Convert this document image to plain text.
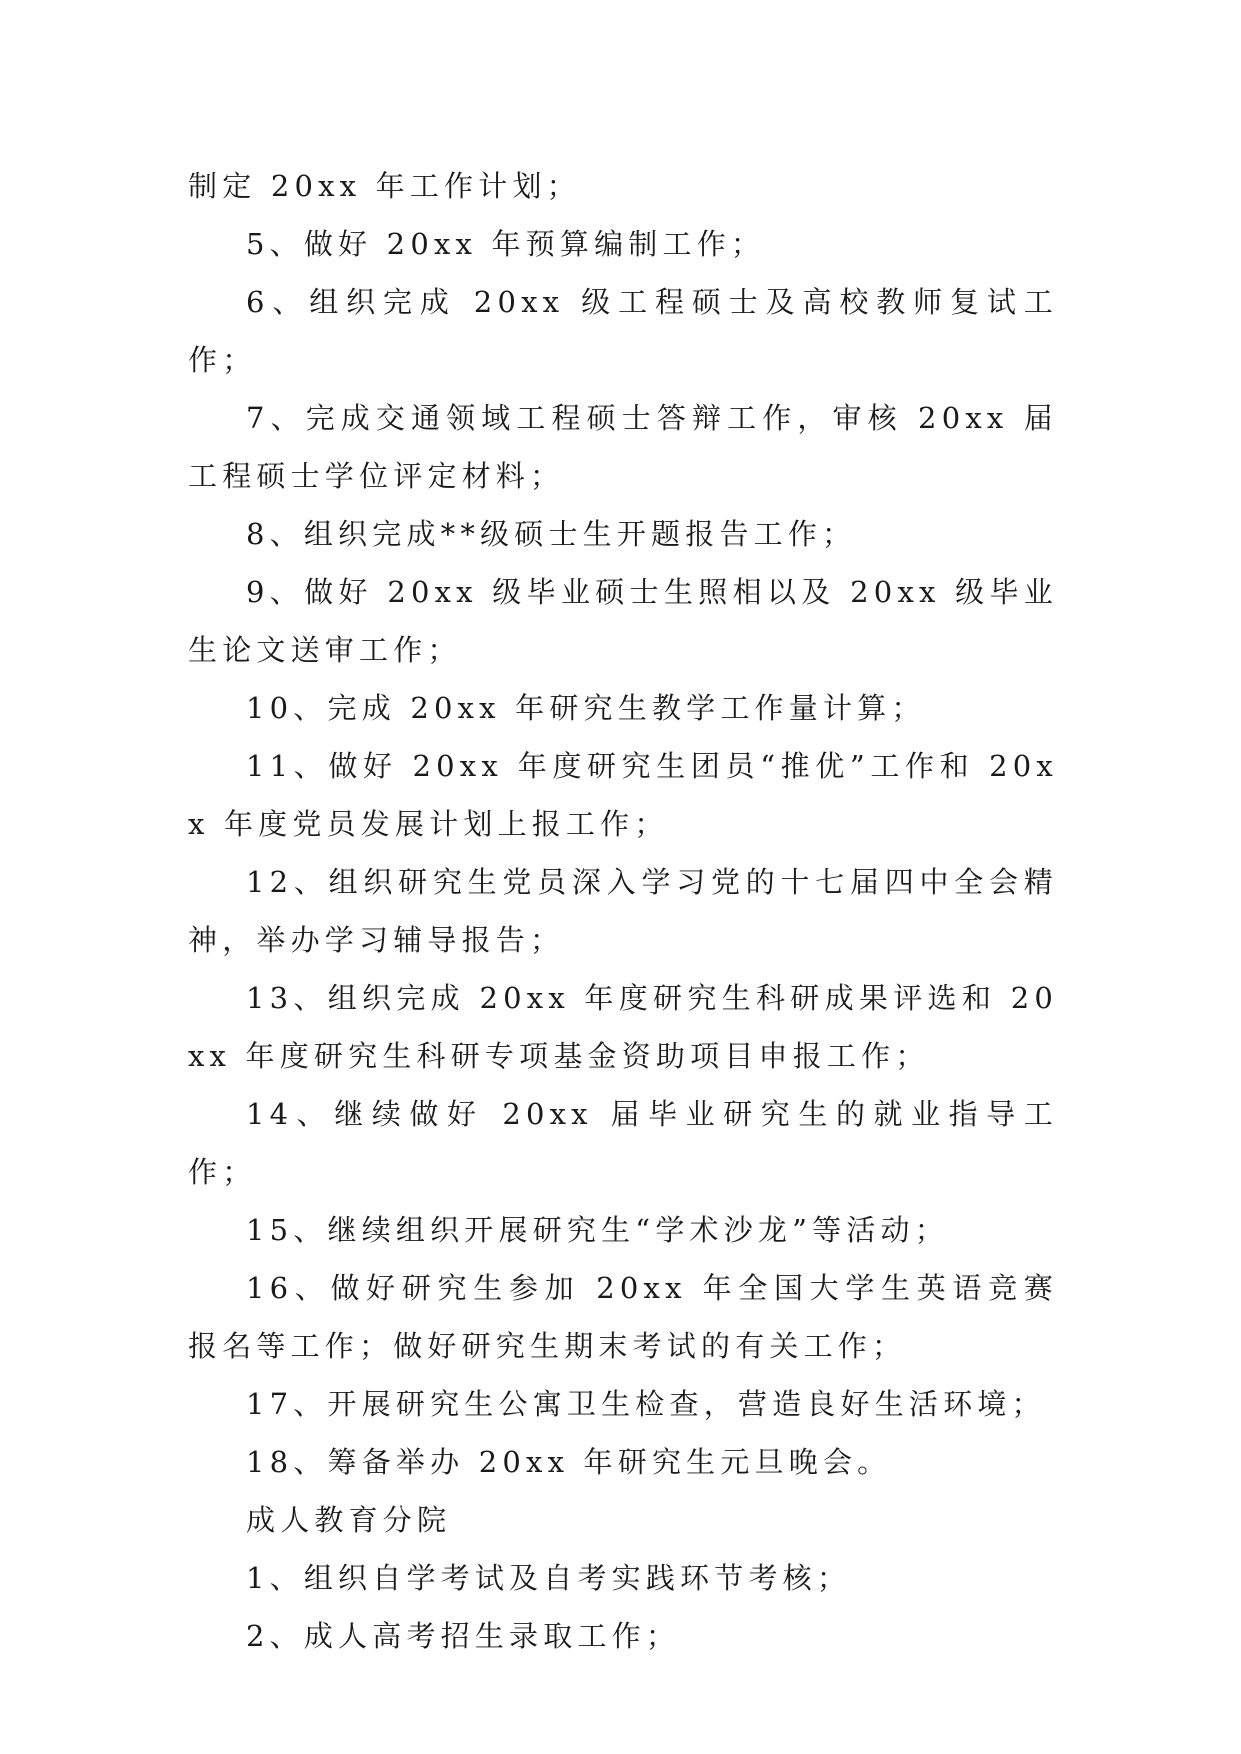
制定 20xx 年工作计划；

5、做好 20xx 年预算编制工作；

6、组织完成 20xx 级工程硕士及高校教师复试工作；

7、完成交通领域工程硕士答辩工作，审核 20xx 届工程硕士学位评定材料；

8、组织完成**级硕士生开题报告工作；

9、做好 20xx 级毕业硕士生照相以及 20xx 级毕业生论文送审工作；

10、完成 20xx 年研究生教学工作量计算；

11、做好 20xx 年度研究生团员“推优”工作和 20xx 年度党员发展计划上报工作；

12、组织研究生党员深入学习党的十七届四中全会精神，举办学习辅导报告；

13、组织完成 20xx 年度研究生科研成果评选和 20xx 年度研究生科研专项基金资助项目申报工作；

14、继续做好 20xx 届毕业研究生的就业指导工作；

15、继续组织开展研究生“学术沙龙”等活动；

16、做好研究生参加 20xx 年全国大学生英语竞赛报名等工作；做好研究生期末考试的有关工作；

17、开展研究生公寓卫生检查，营造良好生活环境；

18、筹备举办 20xx 年研究生元旦晚会。

成人教育分院

1、组织自学考试及自考实践环节考核；

2、成人高考招生录取工作；
